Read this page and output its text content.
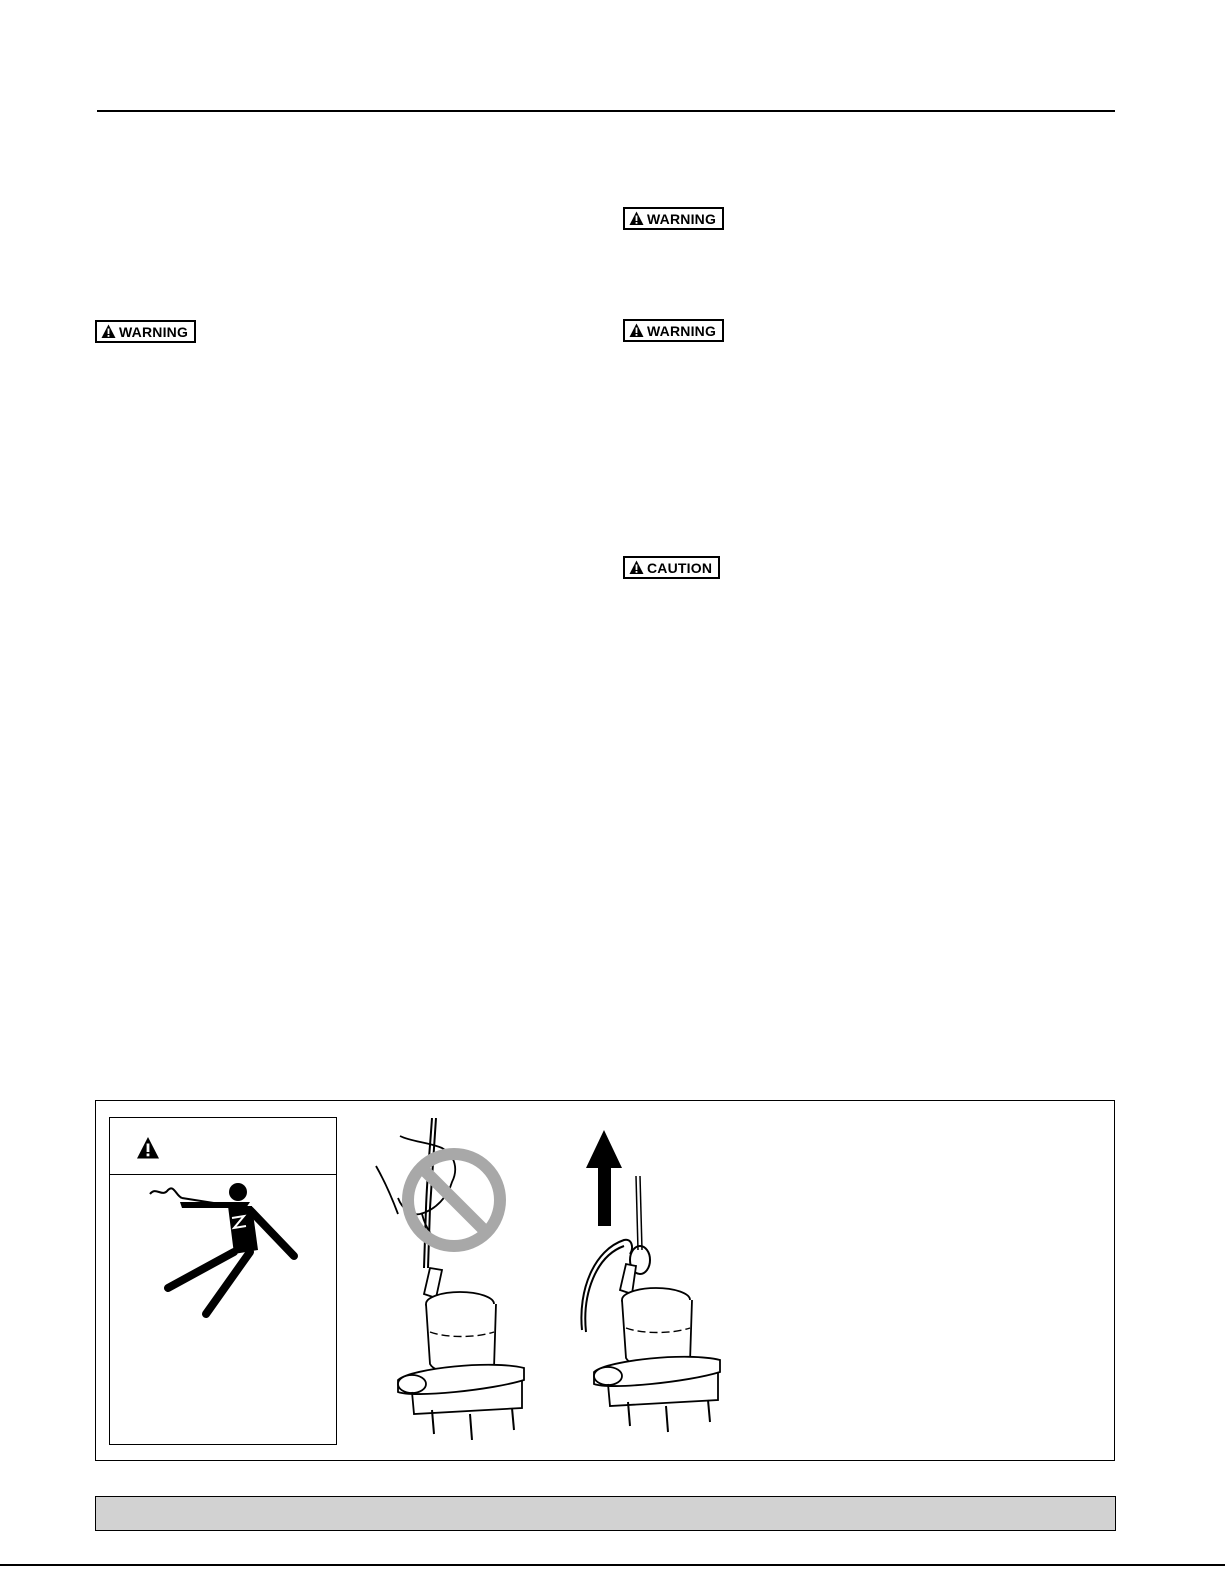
WARNING
WARNING
WARNING
CAUTION
